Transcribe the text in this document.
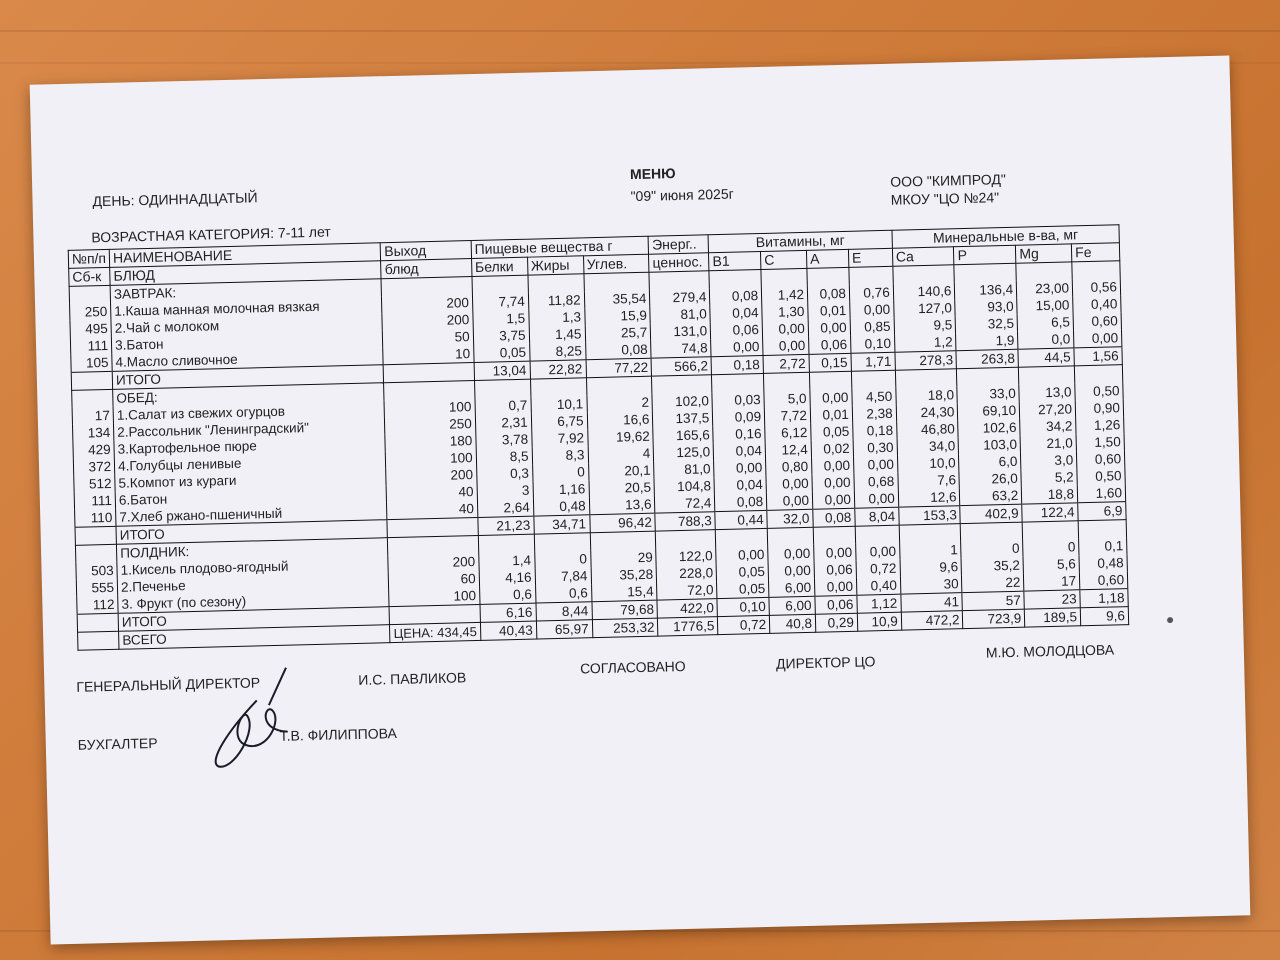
ДЕНЬ: ОДИННАДЦАТЫЙ
ВОЗРАСТНАЯ КАТЕГОРИЯ: 7-11 лет
МЕНЮ
"09" июня 2025г
ООО "КИМПРОД"
МКОУ "ЦО №24"
№п/п	НАИМЕНОВАНИЕ	Выход	Пищевые вещества г			Энерг..	Витамины, мг				Минеральные в-ва, мг			
Сб-к	БЛЮД	блюд	Белки	Жиры	Углев.	ценнос.	В1	С	А	Е	Ca	P	Mg	Fe
	ЗАВТРАК:													
250	1.Каша манная молочная вязкая	200	7,74	11,82	35,54	279,4	0,08	1,42	0,08	0,76	140,6	136,4	23,00	0,56
495	2.Чай с молоком	200	1,5	1,3	15,9	81,0	0,04	1,30	0,01	0,00	127,0	93,0	15,00	0,40
111	3.Батон	50	3,75	1,45	25,7	131,0	0,06	0,00	0,00	0,85	9,5	32,5	6,5	0,60
105	4.Масло сливочное	10	0,05	8,25	0,08	74,8	0,00	0,00	0,06	0,10	1,2	1,9	0,0	0,00
	ИТОГО		13,04	22,82	77,22	566,2	0,18	2,72	0,15	1,71	278,3	263,8	44,5	1,56
	ОБЕД:													
17	1.Салат из свежих огурцов	100	0,7	10,1	2	102,0	0,03	5,0	0,00	4,50	18,0	33,0	13,0	0,50
134	2.Рассольник "Ленинградский"	250	2,31	6,75	16,6	137,5	0,09	7,72	0,01	2,38	24,30	69,10	27,20	0,90
429	3.Картофельное пюре	180	3,78	7,92	19,62	165,6	0,16	6,12	0,05	0,18	46,80	102,6	34,2	1,26
372	4.Голубцы ленивые	100	8,5	8,3	4	125,0	0,04	12,4	0,02	0,30	34,0	103,0	21,0	1,50
512	5.Компот из кураги	200	0,3	0	20,1	81,0	0,00	0,80	0,00	0,00	10,0	6,0	3,0	0,60
111	6.Батон	40	3	1,16	20,5	104,8	0,04	0,00	0,00	0,68	7,6	26,0	5,2	0,50
110	7.Хлеб ржано-пшеничный	40	2,64	0,48	13,6	72,4	0,08	0,00	0,00	0,00	12,6	63,2	18,8	1,60
	ИТОГО		21,23	34,71	96,42	788,3	0,44	32,0	0,08	8,04	153,3	402,9	122,4	6,9
	ПОЛДНИК:													
503	1.Кисель плодово-ягодный	200	1,4	0	29	122,0	0,00	0,00	0,00	0,00	1	0	0	0,1
555	2.Печенье	60	4,16	7,84	35,28	228,0	0,05	0,00	0,06	0,72	9,6	35,2	5,6	0,48
112	3. Фрукт (по сезону)	100	0,6	0,6	15,4	72,0	0,05	6,00	0,00	0,40	30	22	17	0,60
	ИТОГО		6,16	8,44	79,68	422,0	0,10	6,00	0,06	1,12	41	57	23	1,18
	ВСЕГО	ЦЕНА: 434,45	40,43	65,97	253,32	1776,5	0,72	40,8	0,29	10,9	472,2	723,9	189,5	9,6
ГЕНЕРАЛЬНЫЙ ДИРЕКТОР	И.С. ПАВЛИКОВ
СОГЛАСОВАНО	ДИРЕКТОР ЦО
М.Ю. МОЛОДЦОВА
БУХГАЛТЕР	Т.В. ФИЛИППОВА
